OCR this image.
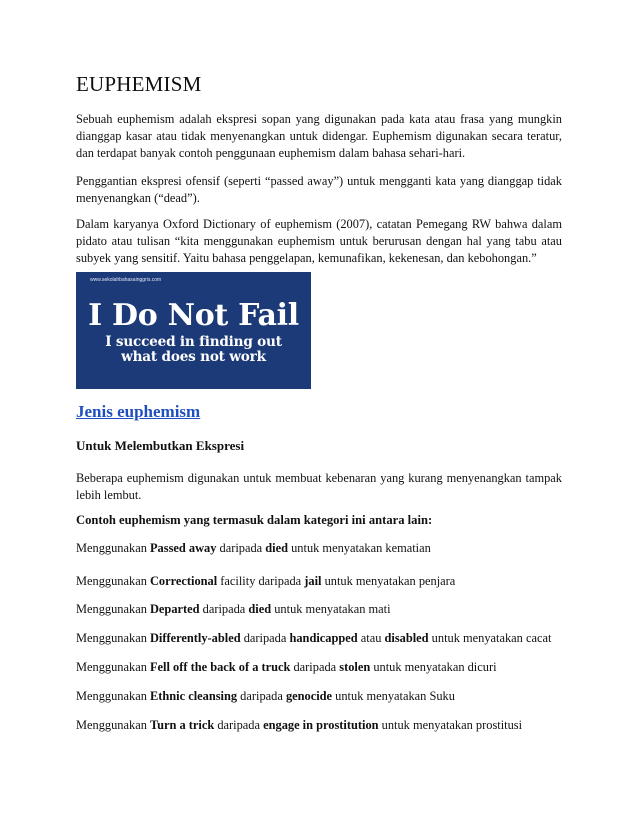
EUPHEMISM

Sebuah euphemism adalah ekspresi sopan yang digunakan pada kata atau frasa yang mungkin dianggap kasar atau tidak menyenangkan untuk didengar. Euphemism digunakan secara teratur, dan terdapat banyak contoh penggunaan euphemism dalam bahasa sehari-hari.

Penggantian ekspresi ofensif (seperti “passed away”) untuk mengganti kata yang dianggap tidak menyenangkan (“dead”).

Dalam karyanya Oxford Dictionary of euphemism (2007), catatan Pemegang RW bahwa dalam pidato atau tulisan “kita menggunakan euphemism untuk berurusan dengan hal yang tabu atau subyek yang sensitif. Yaitu bahasa penggelapan, kemunafikan, kekenesan, dan kebohongan.”

www.sekolahbahasainggris.com
I Do Not Fail
I succeed in finding out
what does not work
Jenis euphemism
Untuk Melembutkan Ekspresi

Beberapa euphemism digunakan untuk membuat kebenaran yang kurang menyenangkan tampak lebih lembut.

Contoh euphemism yang termasuk dalam kategori ini antara lain:

Menggunakan Passed away daripada died untuk menyatakan kematian

Menggunakan Correctional facility daripada jail untuk menyatakan penjara

Menggunakan Departed daripada died untuk menyatakan mati

Menggunakan Differently-abled daripada handicapped atau disabled untuk menyatakan cacat

Menggunakan Fell off the back of a truck daripada stolen untuk menyatakan dicuri

Menggunakan Ethnic cleansing daripada genocide untuk menyatakan Suku

Menggunakan Turn a trick daripada engage in prostitution untuk menyatakan prostitusi
